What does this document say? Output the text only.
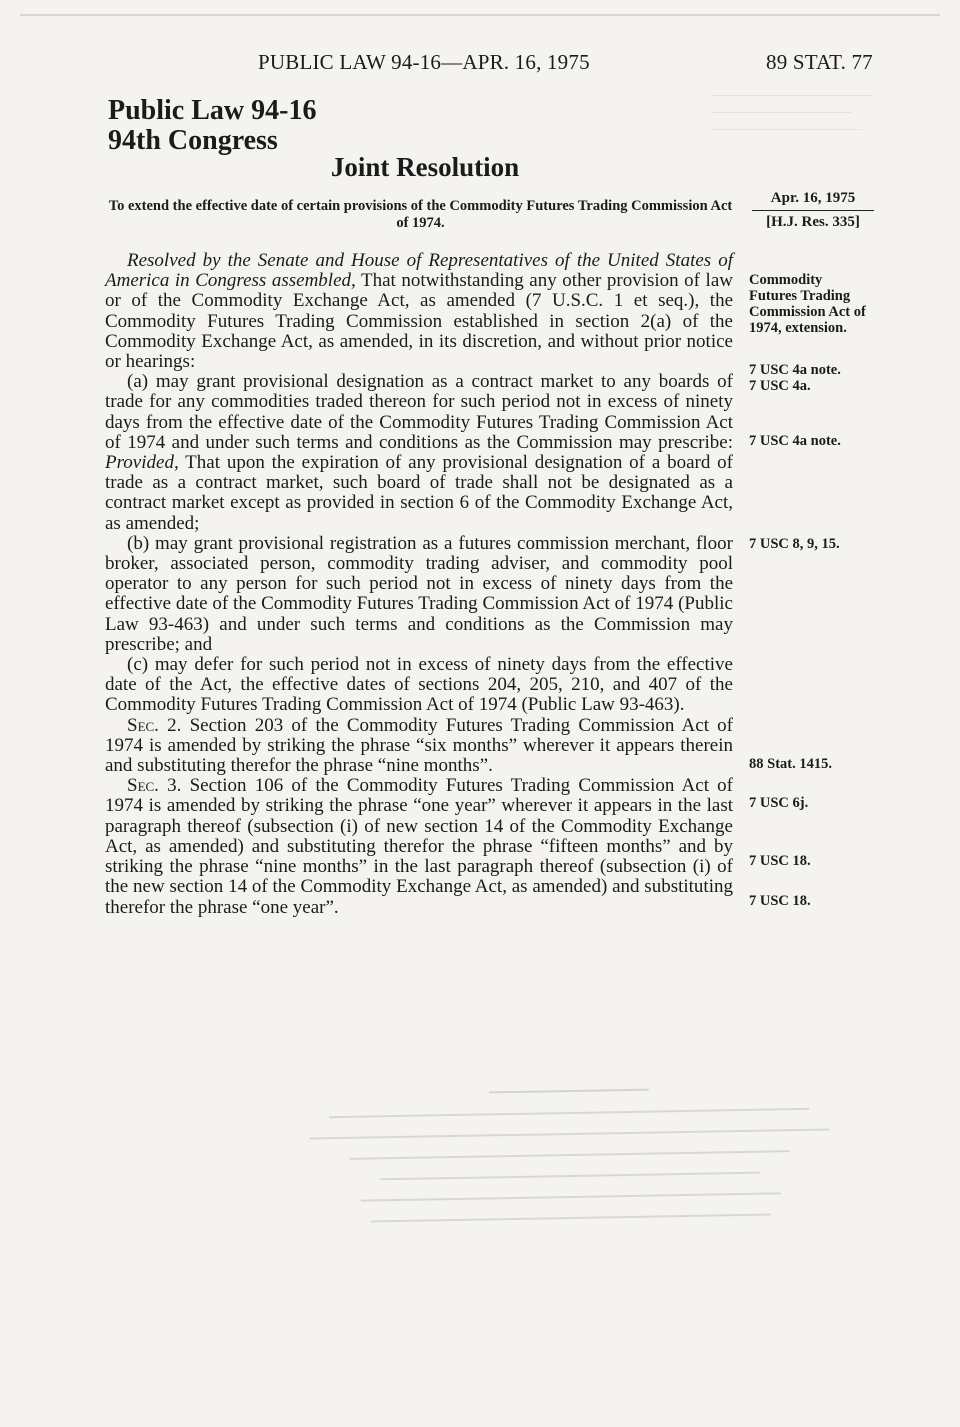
PUBLIC LAW 94-16—APR. 16, 1975	89 STAT. 77
Public Law 94-16
94th Congress
Joint Resolution
To extend the effective date of certain provisions of the Commodity Futures Trading Commission Act of 1974.
Apr. 16, 1975
[H.J. Res. 335]

Resolved by the Senate and House of Representatives of the United States of America in Congress assembled, That notwithstanding any other provision of law or of the Commodity Exchange Act, as amended (7 U.S.C. 1 et seq.), the Commodity Futures Trading Commission established in section 2(a) of the Commodity Exchange Act, as amended, in its discretion, and without prior notice or hearings:

(a) may grant provisional designation as a contract market to any boards of trade for any commodities traded thereon for such period not in excess of ninety days from the effective date of the Commodity Futures Trading Commission Act of 1974 and under such terms and conditions as the Commission may prescribe: Provided, That upon the expiration of any provisional designation of a board of trade as a contract market, such board of trade shall not be designated as a contract market except as provided in section 6 of the Commodity Exchange Act, as amended;

(b) may grant provisional registration as a futures commission merchant, floor broker, associated person, commodity trading adviser, and commodity pool operator to any person for such period not in excess of ninety days from the effective date of the Commodity Futures Trading Commission Act of 1974 (Public Law 93-463) and under such terms and conditions as the Commission may prescribe; and

(c) may defer for such period not in excess of ninety days from the effective date of the Act, the effective dates of sections 204, 205, 210, and 407 of the Commodity Futures Trading Commission Act of 1974 (Public Law 93-463).

Sec. 2. Section 203 of the Commodity Futures Trading Commission Act of 1974 is amended by striking the phrase “six months” wherever it appears therein and substituting therefor the phrase “nine months”.

Sec. 3. Section 106 of the Commodity Futures Trading Commission Act of 1974 is amended by striking the phrase “one year” wherever it appears in the last paragraph thereof (subsection (i) of new section 14 of the Commodity Exchange Act, as amended) and substituting therefor the phrase “fifteen months” and by striking the phrase “nine months” in the last paragraph thereof (subsection (i) of the new section 14 of the Commodity Exchange Act, as amended) and substituting therefor the phrase “one year”.

Commodity Futures Trading Commission Act of 1974, extension.
7 USC 4a note.
7 USC 4a.
7 USC 4a note.
7 USC 8, 9, 15.
88 Stat. 1415.
7 USC 6j.
7 USC 18.
7 USC 18.
